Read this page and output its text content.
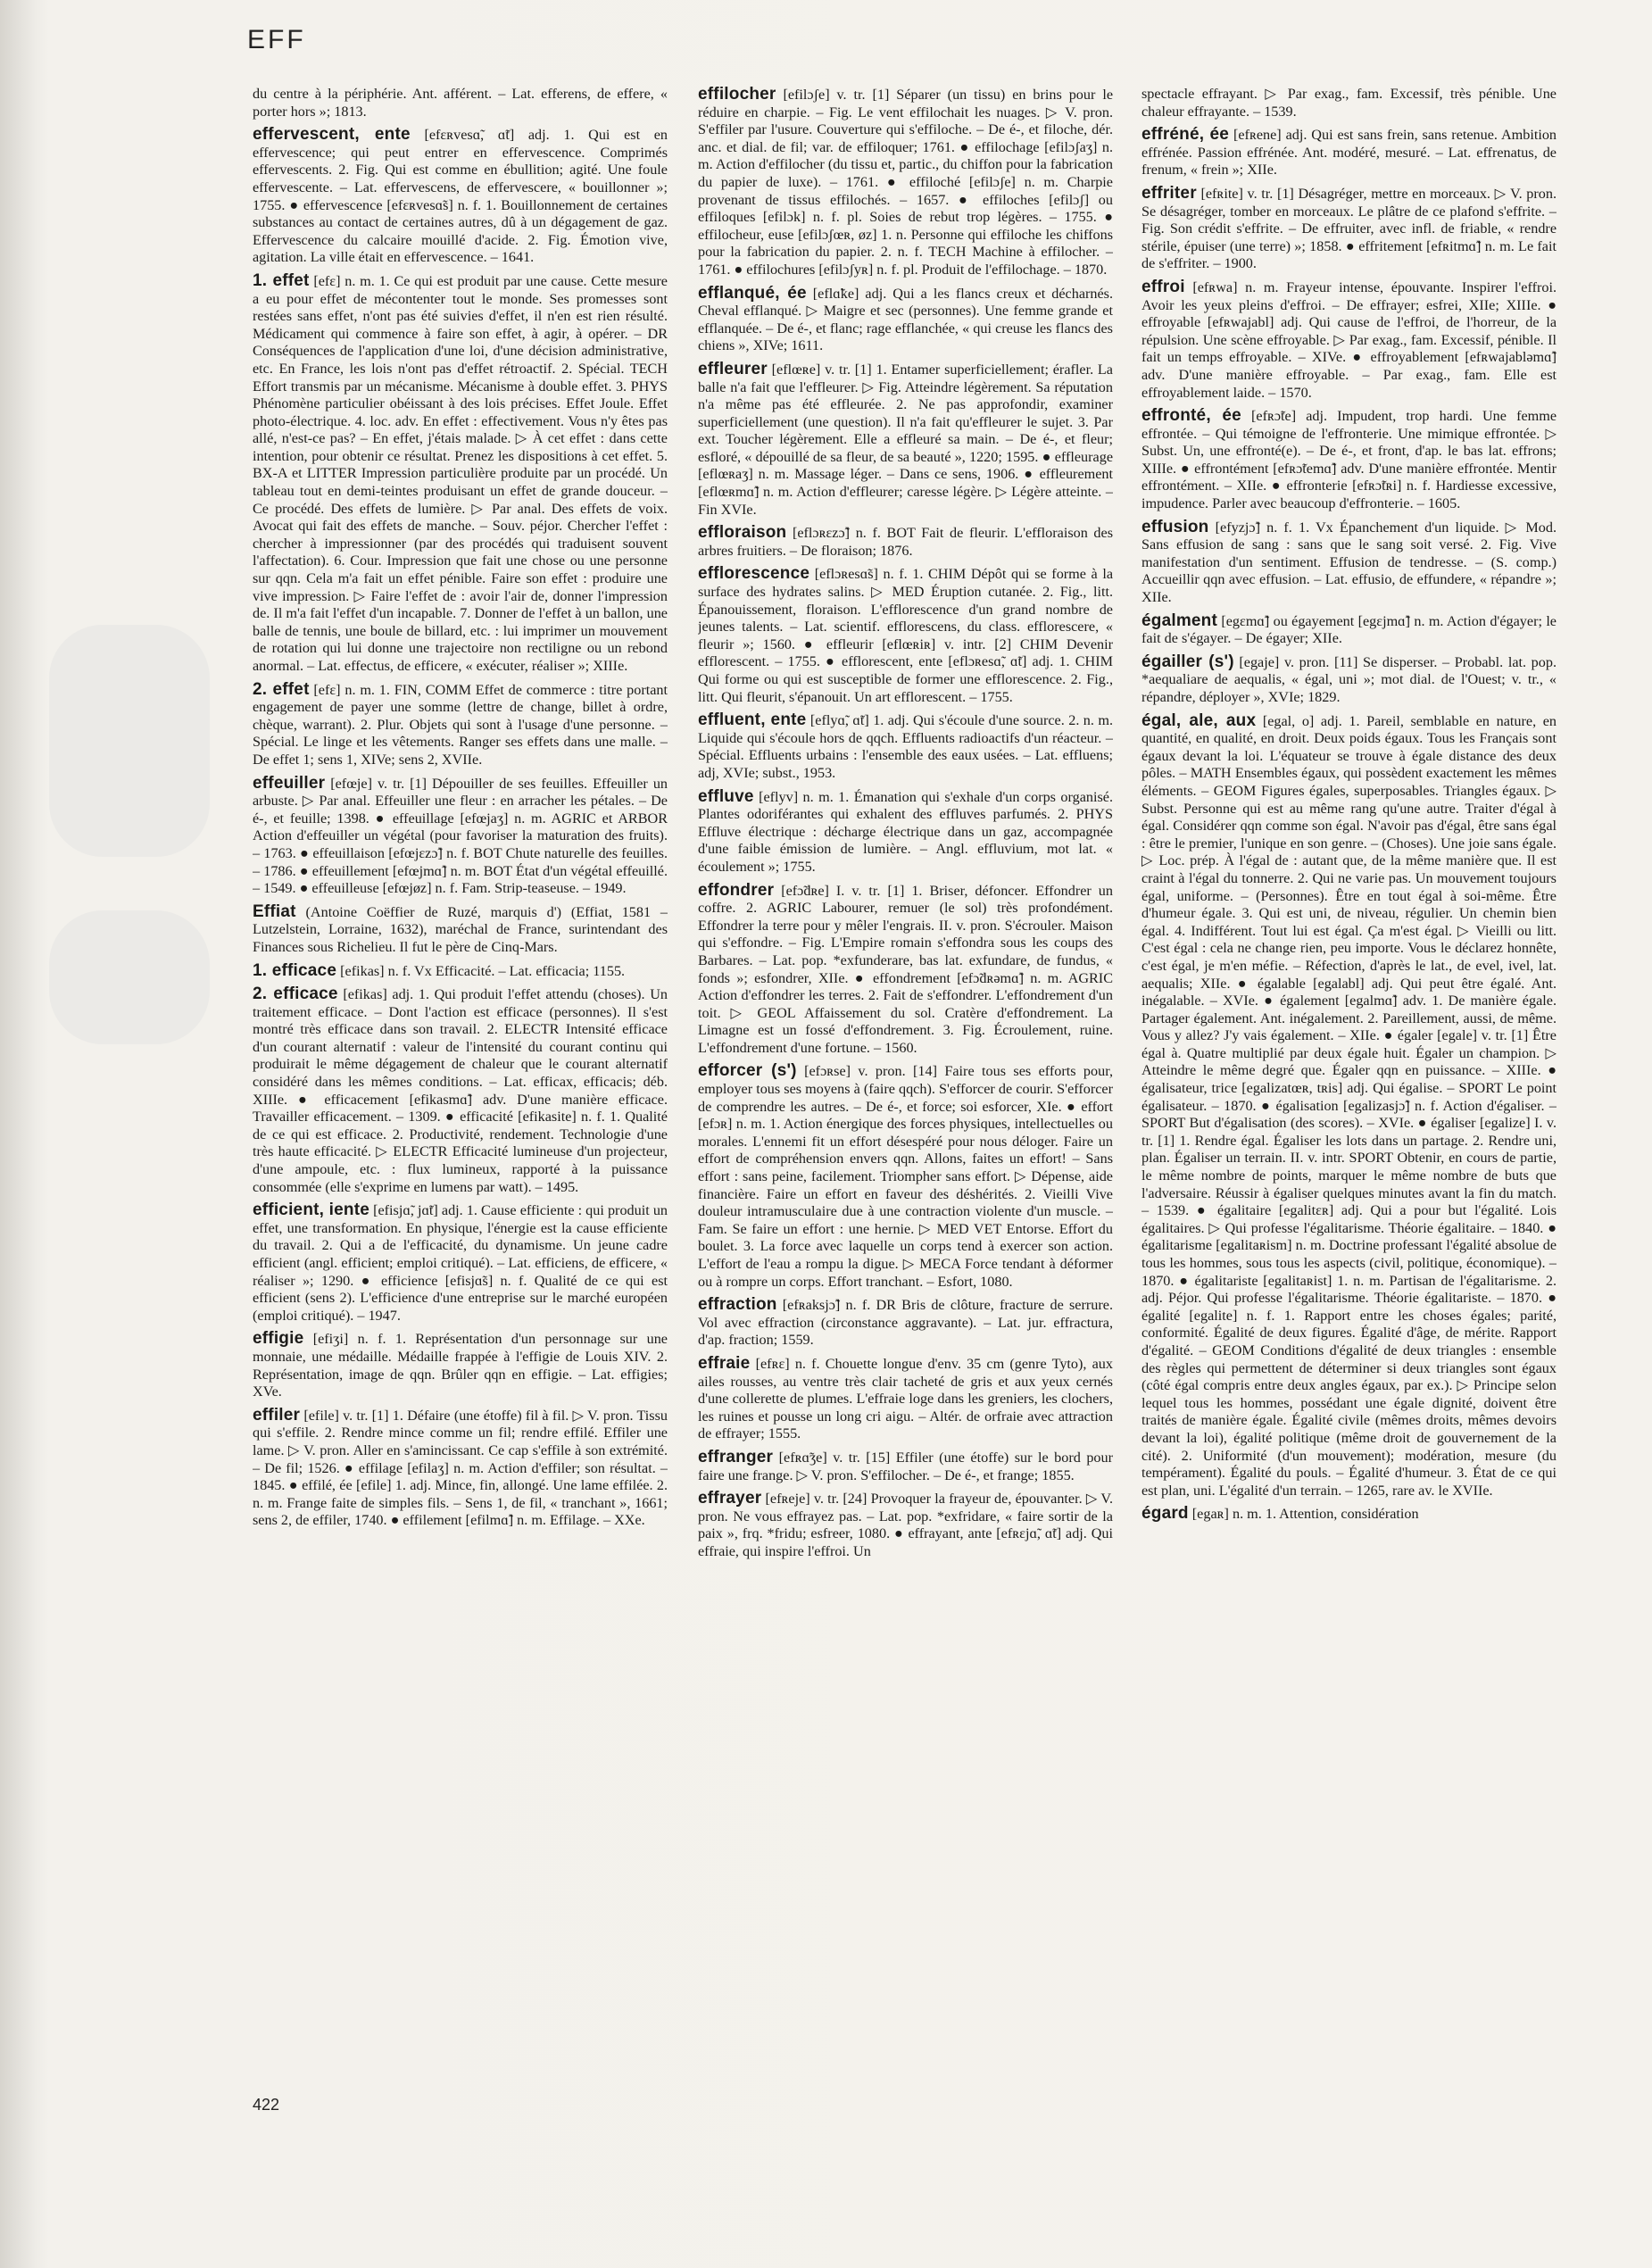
EFF

du centre à la périphérie. Ant. afférent. – Lat. efferens, de effere, « porter hors »; 1813.

effervescent, ente [efɛʀvesɑ̃, ɑ̃t] adj. 1. Qui est en effervescence; qui peut entrer en effervescence. Comprimés effervescents. 2. Fig. Qui est comme en ébullition; agité. Une foule effervescente. – Lat. effervescens, de effervescere, « bouillonner »; 1755. ● effervescence [efɛʀvesɑ̃s] n. f. 1. Bouillonnement de certaines substances au contact de certaines autres, dû à un dégagement de gaz. Effervescence du calcaire mouillé d'acide. 2. Fig. Émotion vive, agitation. La ville était en effervescence. – 1641.

1. effet [efɛ] n. m. 1. Ce qui est produit par une cause. Cette mesure a eu pour effet de mécontenter tout le monde. Ses promesses sont restées sans effet, n'ont pas été suivies d'effet, il n'en est rien résulté. Médicament qui commence à faire son effet, à agir, à opérer. – DR Conséquences de l'application d'une loi, d'une décision administrative, etc. En France, les lois n'ont pas d'effet rétroactif. 2. Spécial. TECH Effort transmis par un mécanisme. Mécanisme à double effet. 3. PHYS Phénomène particulier obéissant à des lois précises. Effet Joule. Effet photo-électrique. 4. loc. adv. En effet : effectivement. Vous n'y êtes pas allé, n'est-ce pas? – En effet, j'étais malade. ▷ À cet effet : dans cette intention, pour obtenir ce résultat. Prenez les dispositions à cet effet. 5. BX-A et LITTER Impression particulière produite par un procédé. Un tableau tout en demi-teintes produisant un effet de grande douceur. – Ce procédé. Des effets de lumière. ▷ Par anal. Des effets de voix. Avocat qui fait des effets de manche. – Souv. péjor. Chercher l'effet : chercher à impressionner (par des procédés qui traduisent souvent l'affectation). 6. Cour. Impression que fait une chose ou une personne sur qqn. Cela m'a fait un effet pénible. Faire son effet : produire une vive impression. ▷ Faire l'effet de : avoir l'air de, donner l'impression de. Il m'a fait l'effet d'un incapable. 7. Donner de l'effet à un ballon, une balle de tennis, une boule de billard, etc. : lui imprimer un mouvement de rotation qui lui donne une trajectoire non rectiligne ou un rebond anormal. – Lat. effectus, de efficere, « exécuter, réaliser »; XIIIe.

2. effet [efɛ] n. m. 1. FIN, COMM Effet de commerce : titre portant engagement de payer une somme (lettre de change, billet à ordre, chèque, warrant). 2. Plur. Objets qui sont à l'usage d'une personne. – Spécial. Le linge et les vêtements. Ranger ses effets dans une malle. – De effet 1; sens 1, XIVe; sens 2, XVIIe.

effeuiller [efœje] v. tr. [1] Dépouiller de ses feuilles. Effeuiller un arbuste. ▷ Par anal. Effeuiller une fleur : en arracher les pétales. – De é-, et feuille; 1398. ● effeuillage [efœjaʒ] n. m. AGRIC et ARBOR Action d'effeuiller un végétal (pour favoriser la maturation des fruits). – 1763. ● effeuillaison [efœjɛzɔ̃] n. f. BOT Chute naturelle des feuilles. – 1786. ● effeuillement [efœjmɑ̃] n. m. BOT État d'un végétal effeuillé. – 1549. ● effeuilleuse [efœjøz] n. f. Fam. Strip-teaseuse. – 1949.

Effiat (Antoine Coëffier de Ruzé, marquis d') (Effiat, 1581 – Lutzelstein, Lorraine, 1632), maréchal de France, surintendant des Finances sous Richelieu. Il fut le père de Cinq-Mars.

1. efficace [efikas] n. f. Vx Efficacité. – Lat. efficacia; 1155.

2. efficace [efikas] adj. 1. Qui produit l'effet attendu (choses). Un traitement efficace. – Dont l'action est efficace (personnes). Il s'est montré très efficace dans son travail. 2. ELECTR Intensité efficace d'un courant alternatif : valeur de l'intensité du courant continu qui produirait le même dégagement de chaleur que le courant alternatif considéré dans les mêmes conditions. – Lat. efficax, efficacis; déb. XIIIe. ● efficacement [efikasmɑ̃] adv. D'une manière efficace. Travailler efficacement. – 1309. ● efficacité [efikasite] n. f. 1. Qualité de ce qui est efficace. 2. Productivité, rendement. Technologie d'une très haute efficacité. ▷ ELECTR Efficacité lumineuse d'un projecteur, d'une ampoule, etc. : flux lumineux, rapporté à la puissance consommée (elle s'exprime en lumens par watt). – 1495.

efficient, iente [efisjɑ̃, jɑ̃t] adj. 1. Cause efficiente : qui produit un effet, une transformation. En physique, l'énergie est la cause efficiente du travail. 2. Qui a de l'efficacité, du dynamisme. Un jeune cadre efficient (angl. efficient; emploi critiqué). – Lat. efficiens, de efficere, « réaliser »; 1290. ● efficience [efisjɑ̃s] n. f. Qualité de ce qui est efficient (sens 2). L'efficience d'une entreprise sur le marché européen (emploi critiqué). – 1947.

effigie [efiʒi] n. f. 1. Représentation d'un personnage sur une monnaie, une médaille. Médaille frappée à l'effigie de Louis XIV. 2. Représentation, image de qqn. Brûler qqn en effigie. – Lat. effigies; XVe.

effiler [efile] v. tr. [1] 1. Défaire (une étoffe) fil à fil. ▷ V. pron. Tissu qui s'effile. 2. Rendre mince comme un fil; rendre effilé. Effiler une lame. ▷ V. pron. Aller en s'amincissant. Ce cap s'effile à son extrémité. – De fil; 1526. ● effilage [efilaʒ] n. m. Action d'effiler; son résultat. – 1845. ● effilé, ée [efile] 1. adj. Mince, fin, allongé. Une lame effilée. 2. n. m. Frange faite de simples fils. – Sens 1, de fil, « tranchant », 1661; sens 2, de effiler, 1740. ● effilement [efilmɑ̃] n. m. Effilage. – XXe.

effilocher [efilɔʃe] v. tr. [1] Séparer (un tissu) en brins pour le réduire en charpie. – Fig. Le vent effilochait les nuages. ▷ V. pron. S'effiler par l'usure. Couverture qui s'effiloche. – De é-, et filoche, dér. anc. et dial. de fil; var. de effiloquer; 1761. ● effilochage [efilɔʃaʒ] n. m. Action d'effilocher (du tissu et, partic., du chiffon pour la fabrication du papier de luxe). – 1761. ● effiloché [efilɔʃe] n. m. Charpie provenant de tissus effilochés. – 1657. ● effiloches [efilɔʃ] ou effiloques [efilɔk] n. f. pl. Soies de rebut trop légères. – 1755. ● effilocheur, euse [efilɔʃœʀ, øz] 1. n. Personne qui effiloche les chiffons pour la fabrication du papier. 2. n. f. TECH Machine à effilocher. – 1761. ● effilochures [efilɔʃyʀ] n. f. pl. Produit de l'effilochage. – 1870.

efflanqué, ée [eflɑ̃ke] adj. Qui a les flancs creux et décharnés. Cheval efflanqué. ▷ Maigre et sec (personnes). Une femme grande et efflanquée. – De é-, et flanc; rage efflanchée, « qui creuse les flancs des chiens », XIVe; 1611.

effleurer [eflœʀe] v. tr. [1] 1. Entamer superficiellement; érafler. La balle n'a fait que l'effleurer. ▷ Fig. Atteindre légèrement. Sa réputation n'a même pas été effleurée. 2. Ne pas approfondir, examiner superficiellement (une question). Il n'a fait qu'effleurer le sujet. 3. Par ext. Toucher légèrement. Elle a effleuré sa main. – De é-, et fleur; esfloré, « dépouillé de sa fleur, de sa beauté », 1220; 1595. ● effleurage [eflœʀaʒ] n. m. Massage léger. – Dans ce sens, 1906. ● effleurement [eflœʀmɑ̃] n. m. Action d'effleurer; caresse légère. ▷ Légère atteinte. – Fin XVIe.

effloraison [eflɔʀɛzɔ̃] n. f. BOT Fait de fleurir. L'effloraison des arbres fruitiers. – De floraison; 1876.

efflorescence [eflɔʀesɑ̃s] n. f. 1. CHIM Dépôt qui se forme à la surface des hydrates salins. ▷ MED Éruption cutanée. 2. Fig., litt. Épanouissement, floraison. L'efflorescence d'un grand nombre de jeunes talents. – Lat. scientif. efflorescens, du class. efflorescere, « fleurir »; 1560. ● effleurir [eflœʀiʀ] v. intr. [2] CHIM Devenir efflorescent. – 1755. ● efflorescent, ente [eflɔʀesɑ̃, ɑ̃t] adj. 1. CHIM Qui forme ou qui est susceptible de former une efflorescence. 2. Fig., litt. Qui fleurit, s'épanouit. Un art efflorescent. – 1755.

effluent, ente [eflyɑ̃, ɑ̃t] 1. adj. Qui s'écoule d'une source. 2. n. m. Liquide qui s'écoule hors de qqch. Effluents radioactifs d'un réacteur. – Spécial. Effluents urbains : l'ensemble des eaux usées. – Lat. effluens; adj, XVIe; subst., 1953.

effluve [eflyv] n. m. 1. Émanation qui s'exhale d'un corps organisé. Plantes odoriférantes qui exhalent des effluves parfumés. 2. PHYS Effluve électrique : décharge électrique dans un gaz, accompagnée d'une faible émission de lumière. – Angl. effluvium, mot lat. « écoulement »; 1755.

effondrer [efɔ̃dʀe] I. v. tr. [1] 1. Briser, défoncer. Effondrer un coffre. 2. AGRIC Labourer, remuer (le sol) très profondément. Effondrer la terre pour y mêler l'engrais. II. v. pron. S'écrouler. Maison qui s'effondre. – Fig. L'Empire romain s'effondra sous les coups des Barbares. – Lat. pop. *exfunderare, bas lat. exfundare, de fundus, « fonds »; esfondrer, XIIe. ● effondrement [efɔ̃dʀəmɑ̃] n. m. AGRIC Action d'effondrer les terres. 2. Fait de s'effondrer. L'effondrement d'un toit. ▷ GEOL Affaissement du sol. Cratère d'effondrement. La Limagne est un fossé d'effondrement. 3. Fig. Écroulement, ruine. L'effondrement d'une fortune. – 1560.

efforcer (s') [efɔʀse] v. pron. [14] Faire tous ses efforts pour, employer tous ses moyens à (faire qqch). S'efforcer de courir. S'efforcer de comprendre les autres. – De é-, et force; soi esforcer, XIe. ● effort [efɔʀ] n. m. 1. Action énergique des forces physiques, intellectuelles ou morales. L'ennemi fit un effort désespéré pour nous déloger. Faire un effort de compréhension envers qqn. Allons, faites un effort! – Sans effort : sans peine, facilement. Triompher sans effort. ▷ Dépense, aide financière. Faire un effort en faveur des déshérités. 2. Vieilli Vive douleur intramusculaire due à une contraction violente d'un muscle. – Fam. Se faire un effort : une hernie. ▷ MED VET Entorse. Effort du boulet. 3. La force avec laquelle un corps tend à exercer son action. L'effort de l'eau a rompu la digue. ▷ MECA Force tendant à déformer ou à rompre un corps. Effort tranchant. – Esfort, 1080.

effraction [efʀaksjɔ̃] n. f. DR Bris de clôture, fracture de serrure. Vol avec effraction (circonstance aggravante). – Lat. jur. effractura, d'ap. fraction; 1559.

effraie [efʀɛ] n. f. Chouette longue d'env. 35 cm (genre Tyto), aux ailes rousses, au ventre très clair tacheté de gris et aux yeux cernés d'une collerette de plumes. L'effraie loge dans les greniers, les clochers, les ruines et pousse un long cri aigu. – Altér. de orfraie avec attraction de effrayer; 1555.

effranger [efʀɑ̃ʒe] v. tr. [15] Effiler (une étoffe) sur le bord pour faire une frange. ▷ V. pron. S'effilocher. – De é-, et frange; 1855.

effrayer [efʀeje] v. tr. [24] Provoquer la frayeur de, épouvanter. ▷ V. pron. Ne vous effrayez pas. – Lat. pop. *exfridare, « faire sortir de la paix », frq. *fridu; esfreer, 1080. ● effrayant, ante [efʀɛjɑ̃, ɑ̃t] adj. Qui effraie, qui inspire l'effroi. Un

spectacle effrayant. ▷ Par exag., fam. Excessif, très pénible. Une chaleur effrayante. – 1539.

effréné, ée [efʀene] adj. Qui est sans frein, sans retenue. Ambition effrénée. Passion effrénée. Ant. modéré, mesuré. – Lat. effrenatus, de frenum, « frein »; XIIe.

effriter [efʀite] v. tr. [1] Désagréger, mettre en morceaux. ▷ V. pron. Se désagréger, tomber en morceaux. Le plâtre de ce plafond s'effrite. – Fig. Son crédit s'effrite. – De effruiter, avec infl. de friable, « rendre stérile, épuiser (une terre) »; 1858. ● effritement [efʀitmɑ̃] n. m. Le fait de s'effriter. – 1900.

effroi [efʀwa] n. m. Frayeur intense, épouvante. Inspirer l'effroi. Avoir les yeux pleins d'effroi. – De effrayer; esfrei, XIIe; XIIIe. ● effroyable [efʀwajabl] adj. Qui cause de l'effroi, de l'horreur, de la répulsion. Une scène effroyable. ▷ Par exag., fam. Excessif, pénible. Il fait un temps effroyable. – XIVe. ● effroyablement [efʀwajabləmɑ̃] adv. D'une manière effroyable. – Par exag., fam. Elle est effroyablement laide. – 1570.

effronté, ée [efʀɔ̃te] adj. Impudent, trop hardi. Une femme effrontée. – Qui témoigne de l'effronterie. Une mimique effrontée. ▷ Subst. Un, une effronté(e). – De é-, et front, d'ap. le bas lat. effrons; XIIIe. ● effrontément [efʀɔ̃temɑ̃] adv. D'une manière effrontée. Mentir effrontément. – XIIe. ● effronterie [efʀɔ̃tʀi] n. f. Hardiesse excessive, impudence. Parler avec beaucoup d'effronterie. – 1605.

effusion [efyzjɔ̃] n. f. 1. Vx Épanchement d'un liquide. ▷ Mod. Sans effusion de sang : sans que le sang soit versé. 2. Fig. Vive manifestation d'un sentiment. Effusion de tendresse. – (S. comp.) Accueillir qqn avec effusion. – Lat. effusio, de effundere, « répandre »; XIIe.

égalment [egɛmɑ̃] ou égayement [egɛjmɑ̃] n. m. Action d'égayer; le fait de s'égayer. – De égayer; XIIe.

égailler (s') [egaje] v. pron. [11] Se disperser. – Probabl. lat. pop. *aequaliare de aequalis, « égal, uni »; mot dial. de l'Ouest; v. tr., « répandre, déployer », XVIe; 1829.

égal, ale, aux [egal, o] adj. 1. Pareil, semblable en nature, en quantité, en qualité, en droit. Deux poids égaux. Tous les Français sont égaux devant la loi. L'équateur se trouve à égale distance des deux pôles. – MATH Ensembles égaux, qui possèdent exactement les mêmes éléments. – GEOM Figures égales, superposables. Triangles égaux. ▷ Subst. Personne qui est au même rang qu'une autre. Traiter d'égal à égal. Considérer qqn comme son égal. N'avoir pas d'égal, être sans égal : être le premier, l'unique en son genre. – (Choses). Une joie sans égale. ▷ Loc. prép. À l'égal de : autant que, de la même manière que. Il est craint à l'égal du tonnerre. 2. Qui ne varie pas. Un mouvement toujours égal, uniforme. – (Personnes). Être en tout égal à soi-même. Être d'humeur égale. 3. Qui est uni, de niveau, régulier. Un chemin bien égal. 4. Indifférent. Tout lui est égal. Ça m'est égal. ▷ Vieilli ou litt. C'est égal : cela ne change rien, peu importe. Vous le déclarez honnête, c'est égal, je m'en méfie. – Réfection, d'après le lat., de evel, ivel, lat. aequalis; XIIe. ● égalable [egalabl] adj. Qui peut être égalé. Ant. inégalable. – XVIe. ● également [egalmɑ̃] adv. 1. De manière égale. Partager également. Ant. inégalement. 2. Pareillement, aussi, de même. Vous y allez? J'y vais également. – XIIe. ● égaler [egale] v. tr. [1] Être égal à. Quatre multiplié par deux égale huit. Égaler un champion. ▷ Atteindre le même degré que. Égaler qqn en puissance. – XIIIe. ● égalisateur, trice [egalizatœʀ, tʀis] adj. Qui égalise. – SPORT Le point égalisateur. – 1870. ● égalisation [egalizasjɔ̃] n. f. Action d'égaliser. – SPORT But d'égalisation (des scores). – XVIe. ● égaliser [egalize] I. v. tr. [1] 1. Rendre égal. Égaliser les lots dans un partage. 2. Rendre uni, plan. Égaliser un terrain. II. v. intr. SPORT Obtenir, en cours de partie, le même nombre de points, marquer le même nombre de buts que l'adversaire. Réussir à égaliser quelques minutes avant la fin du match. – 1539. ● égalitaire [egalitɛʀ] adj. Qui a pour but l'égalité. Lois égalitaires. ▷ Qui professe l'égalitarisme. Théorie égalitaire. – 1840. ● égalitarisme [egalitaʀism] n. m. Doctrine professant l'égalité absolue de tous les hommes, sous tous les aspects (civil, politique, économique). – 1870. ● égalitariste [egalitaʀist] 1. n. m. Partisan de l'égalitarisme. 2. adj. Péjor. Qui professe l'égalitarisme. Théorie égalitariste. – 1870. ● égalité [egalite] n. f. 1. Rapport entre les choses égales; parité, conformité. Égalité de deux figures. Égalité d'âge, de mérite. Rapport d'égalité. – GEOM Conditions d'égalité de deux triangles : ensemble des règles qui permettent de déterminer si deux triangles sont égaux (côté égal compris entre deux angles égaux, par ex.). ▷ Principe selon lequel tous les hommes, possédant une égale dignité, doivent être traités de manière égale. Égalité civile (mêmes droits, mêmes devoirs devant la loi), égalité politique (même droit de gouvernement de la cité). 2. Uniformité (d'un mouvement); modération, mesure (du tempérament). Égalité du pouls. – Égalité d'humeur. 3. État de ce qui est plan, uni. L'égalité d'un terrain. – 1265, rare av. le XVIIe.

égard [egaʀ] n. m. 1. Attention, considération

422
